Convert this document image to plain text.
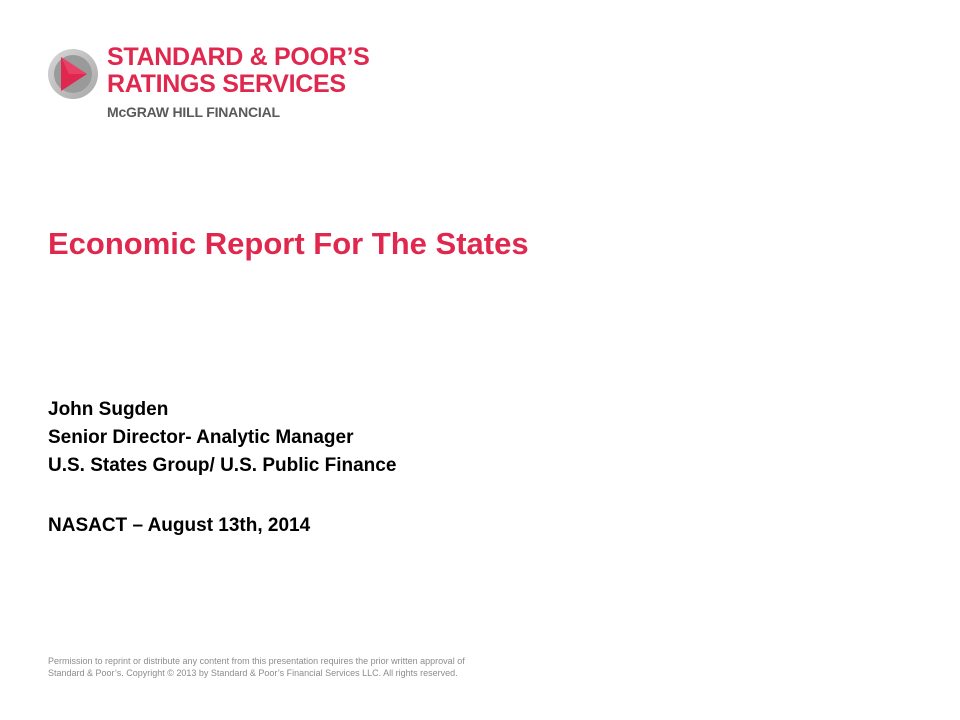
STANDARD & POOR’S
RATINGS SERVICES
McGRAW HILL FINANCIAL
Economic Report For The States
John Sugden
Senior Director- Analytic Manager
U.S. States Group/ U.S. Public Finance
NASACT – August 13th, 2014
Permission to reprint or distribute any content from this presentation requires the prior written approval of
Standard & Poor’s. Copyright © 2013 by Standard & Poor’s Financial Services LLC. All rights reserved.
